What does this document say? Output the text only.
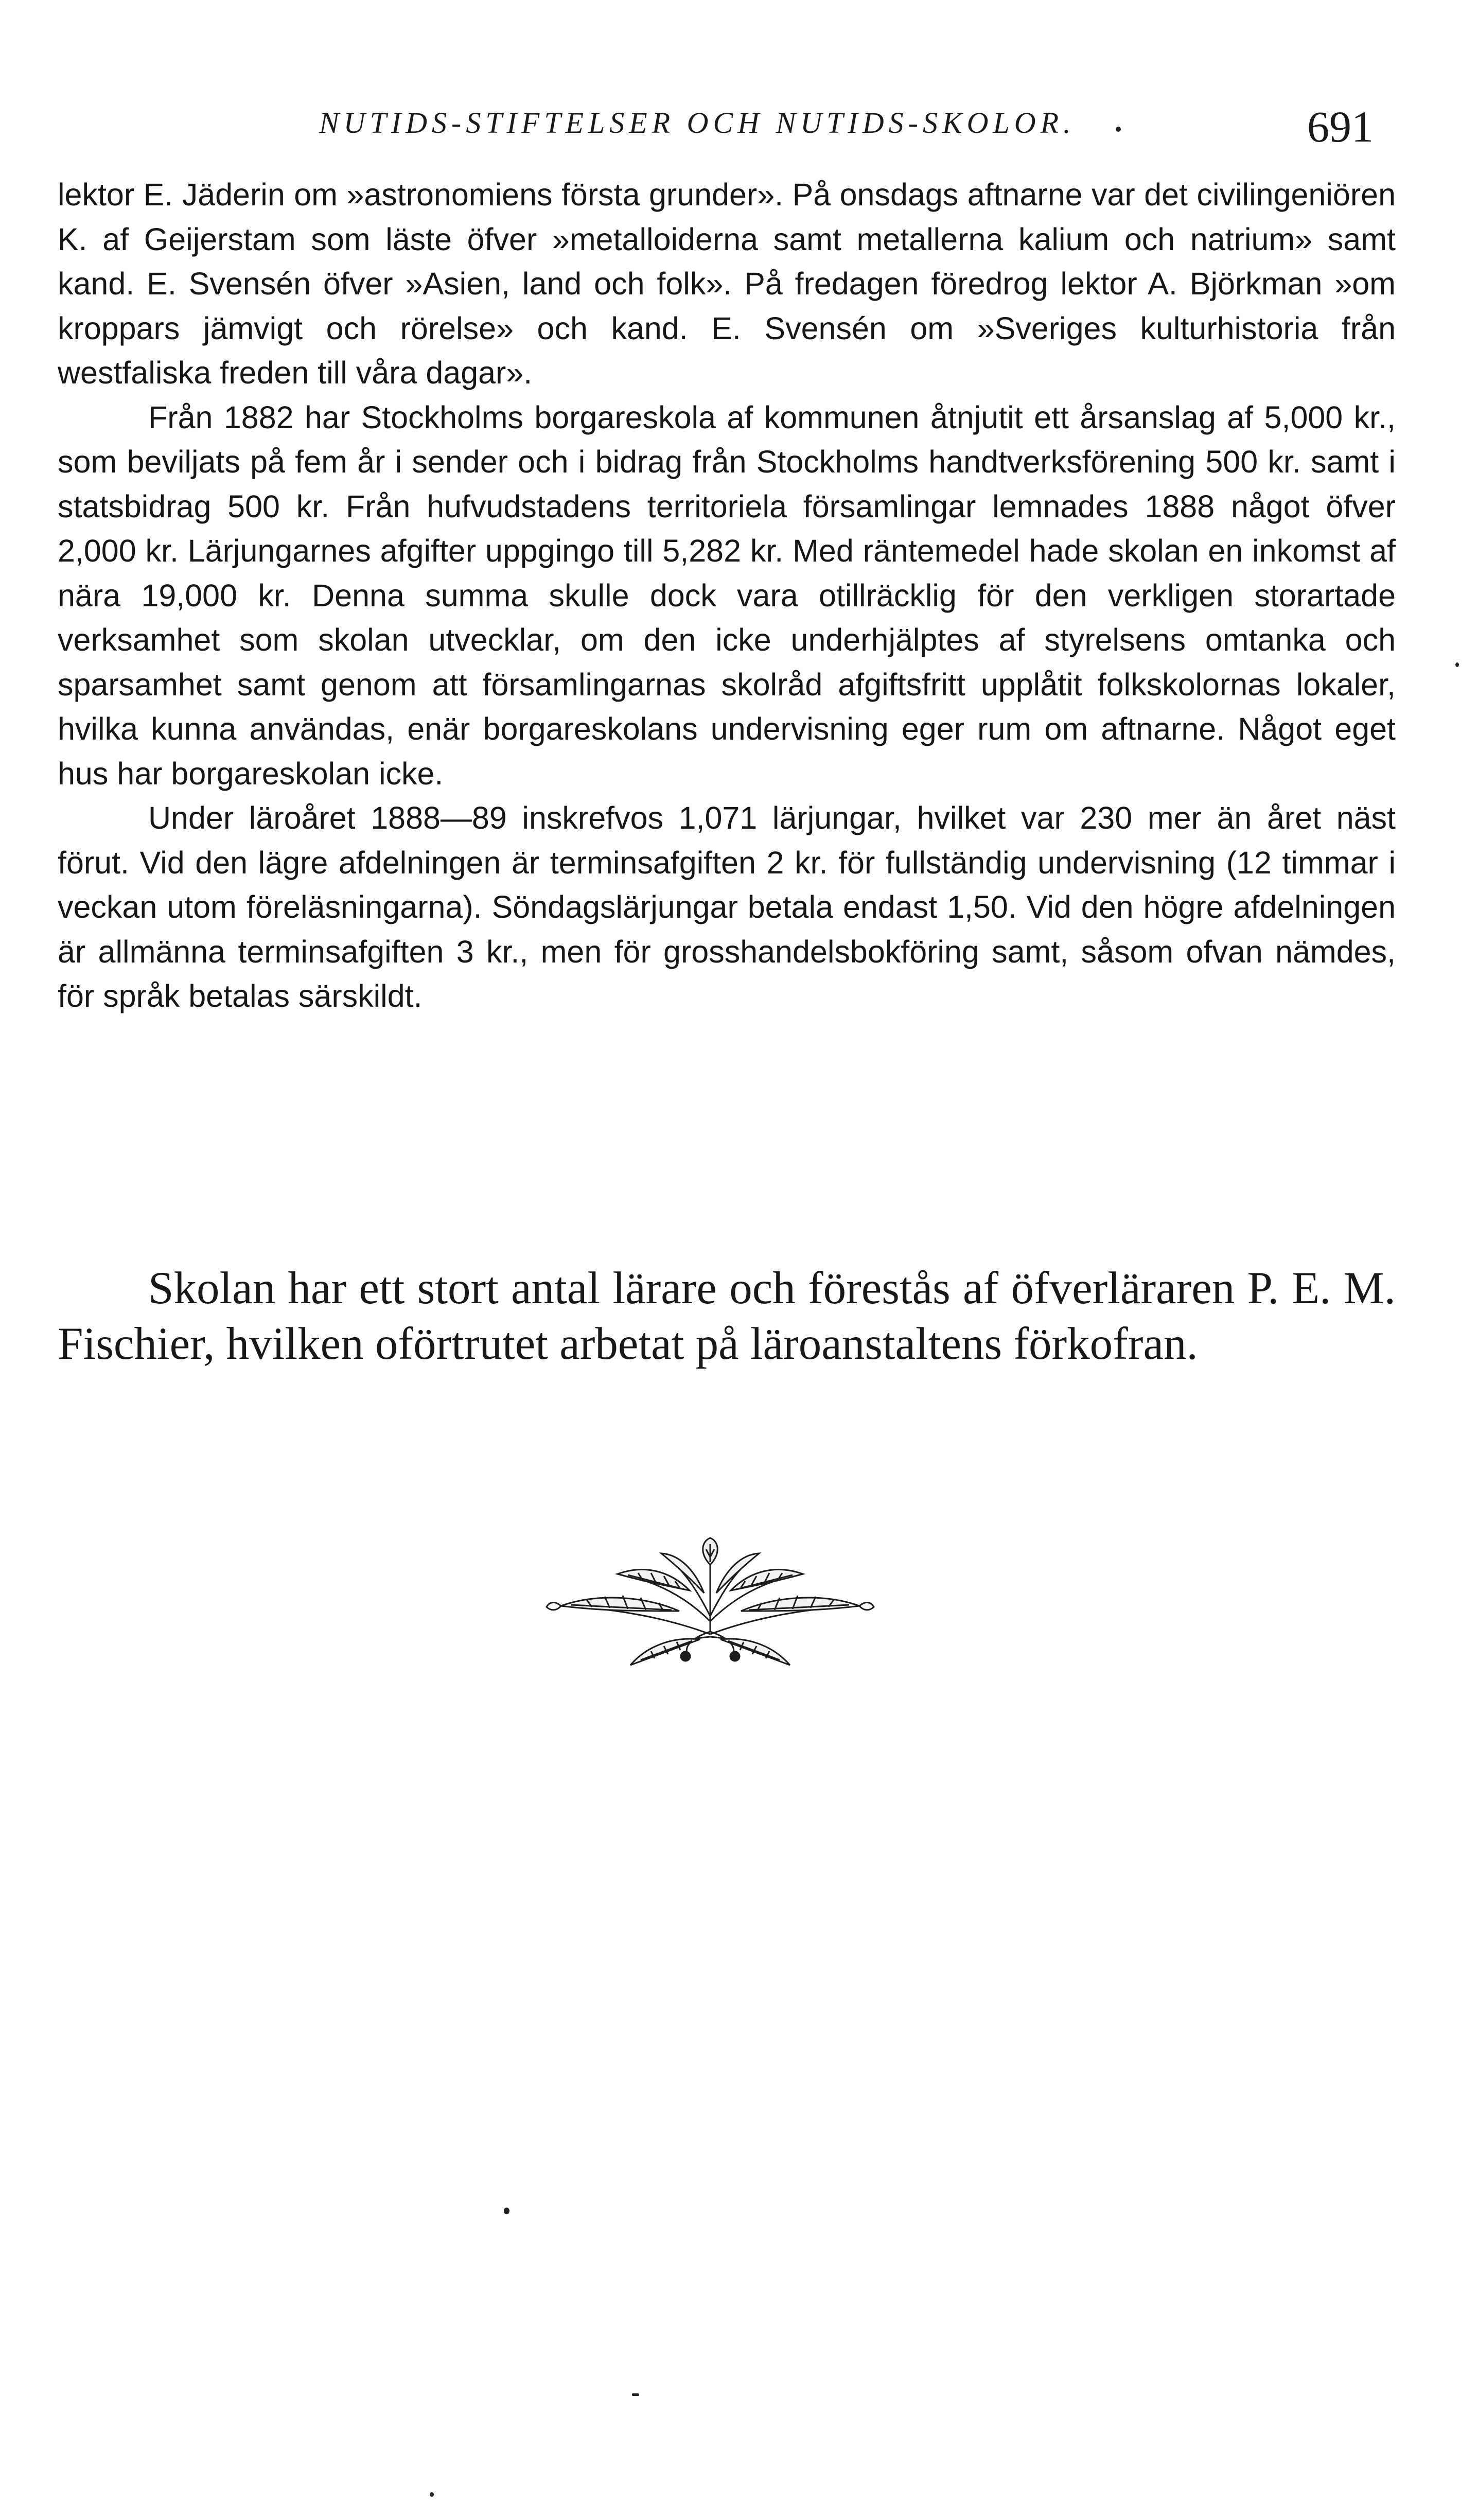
NUTIDS-STIFTELSER OCH NUTIDS-SKOLOR.	691

lektor E. Jäderin om »astronomiens första grunder». På onsdags aftnarne var det civilingeniören K. af Geijerstam som läste öfver »metalloiderna samt metallerna kalium och natrium» samt kand. E. Svensén öfver »Asien, land och folk». På fredagen föredrog lektor A. Björkman »om kroppars jämvigt och rörelse» och kand. E. Svensén om »Sveriges kulturhistoria från westfaliska freden till våra dagar».

Från 1882 har Stockholms borgareskola af kommunen åtnjutit ett årsanslag af 5,000 kr., som beviljats på fem år i sender och i bidrag från Stockholms handtverksförening 500 kr. samt i statsbidrag 500 kr. Från hufvudstadens territoriela församlingar lemnades 1888 något öfver 2,000 kr. Lärjungarnes afgifter uppgingo till 5,282 kr. Med räntemedel hade skolan en inkomst af nära 19,000 kr. Denna summa skulle dock vara otillräcklig för den verkligen storartade verksamhet som skolan utvecklar, om den icke underhjälptes af styrelsens omtanka och sparsamhet samt genom att församlingarnas skolråd afgiftsfritt upplåtit folkskolornas lokaler, hvilka kunna användas, enär borgareskolans undervisning eger rum om aftnarne. Något eget hus har borgareskolan icke.

Under läroåret 1888—89 inskrefvos 1,071 lärjungar, hvilket var 230 mer än året näst förut. Vid den lägre afdelningen är terminsafgiften 2 kr. för fullständig undervisning (12 timmar i veckan utom föreläsningarna). Söndagslärjungar betala endast 1,50. Vid den högre afdelningen är allmänna terminsafgiften 3 kr., men för grosshandelsbokföring samt, såsom ofvan nämdes, för språk betalas särskildt.

Skolan har ett stort antal lärare och förestås af öfverläraren P. E. M. Fischier, hvilken oförtrutet arbetat på läroanstaltens förkofran.
